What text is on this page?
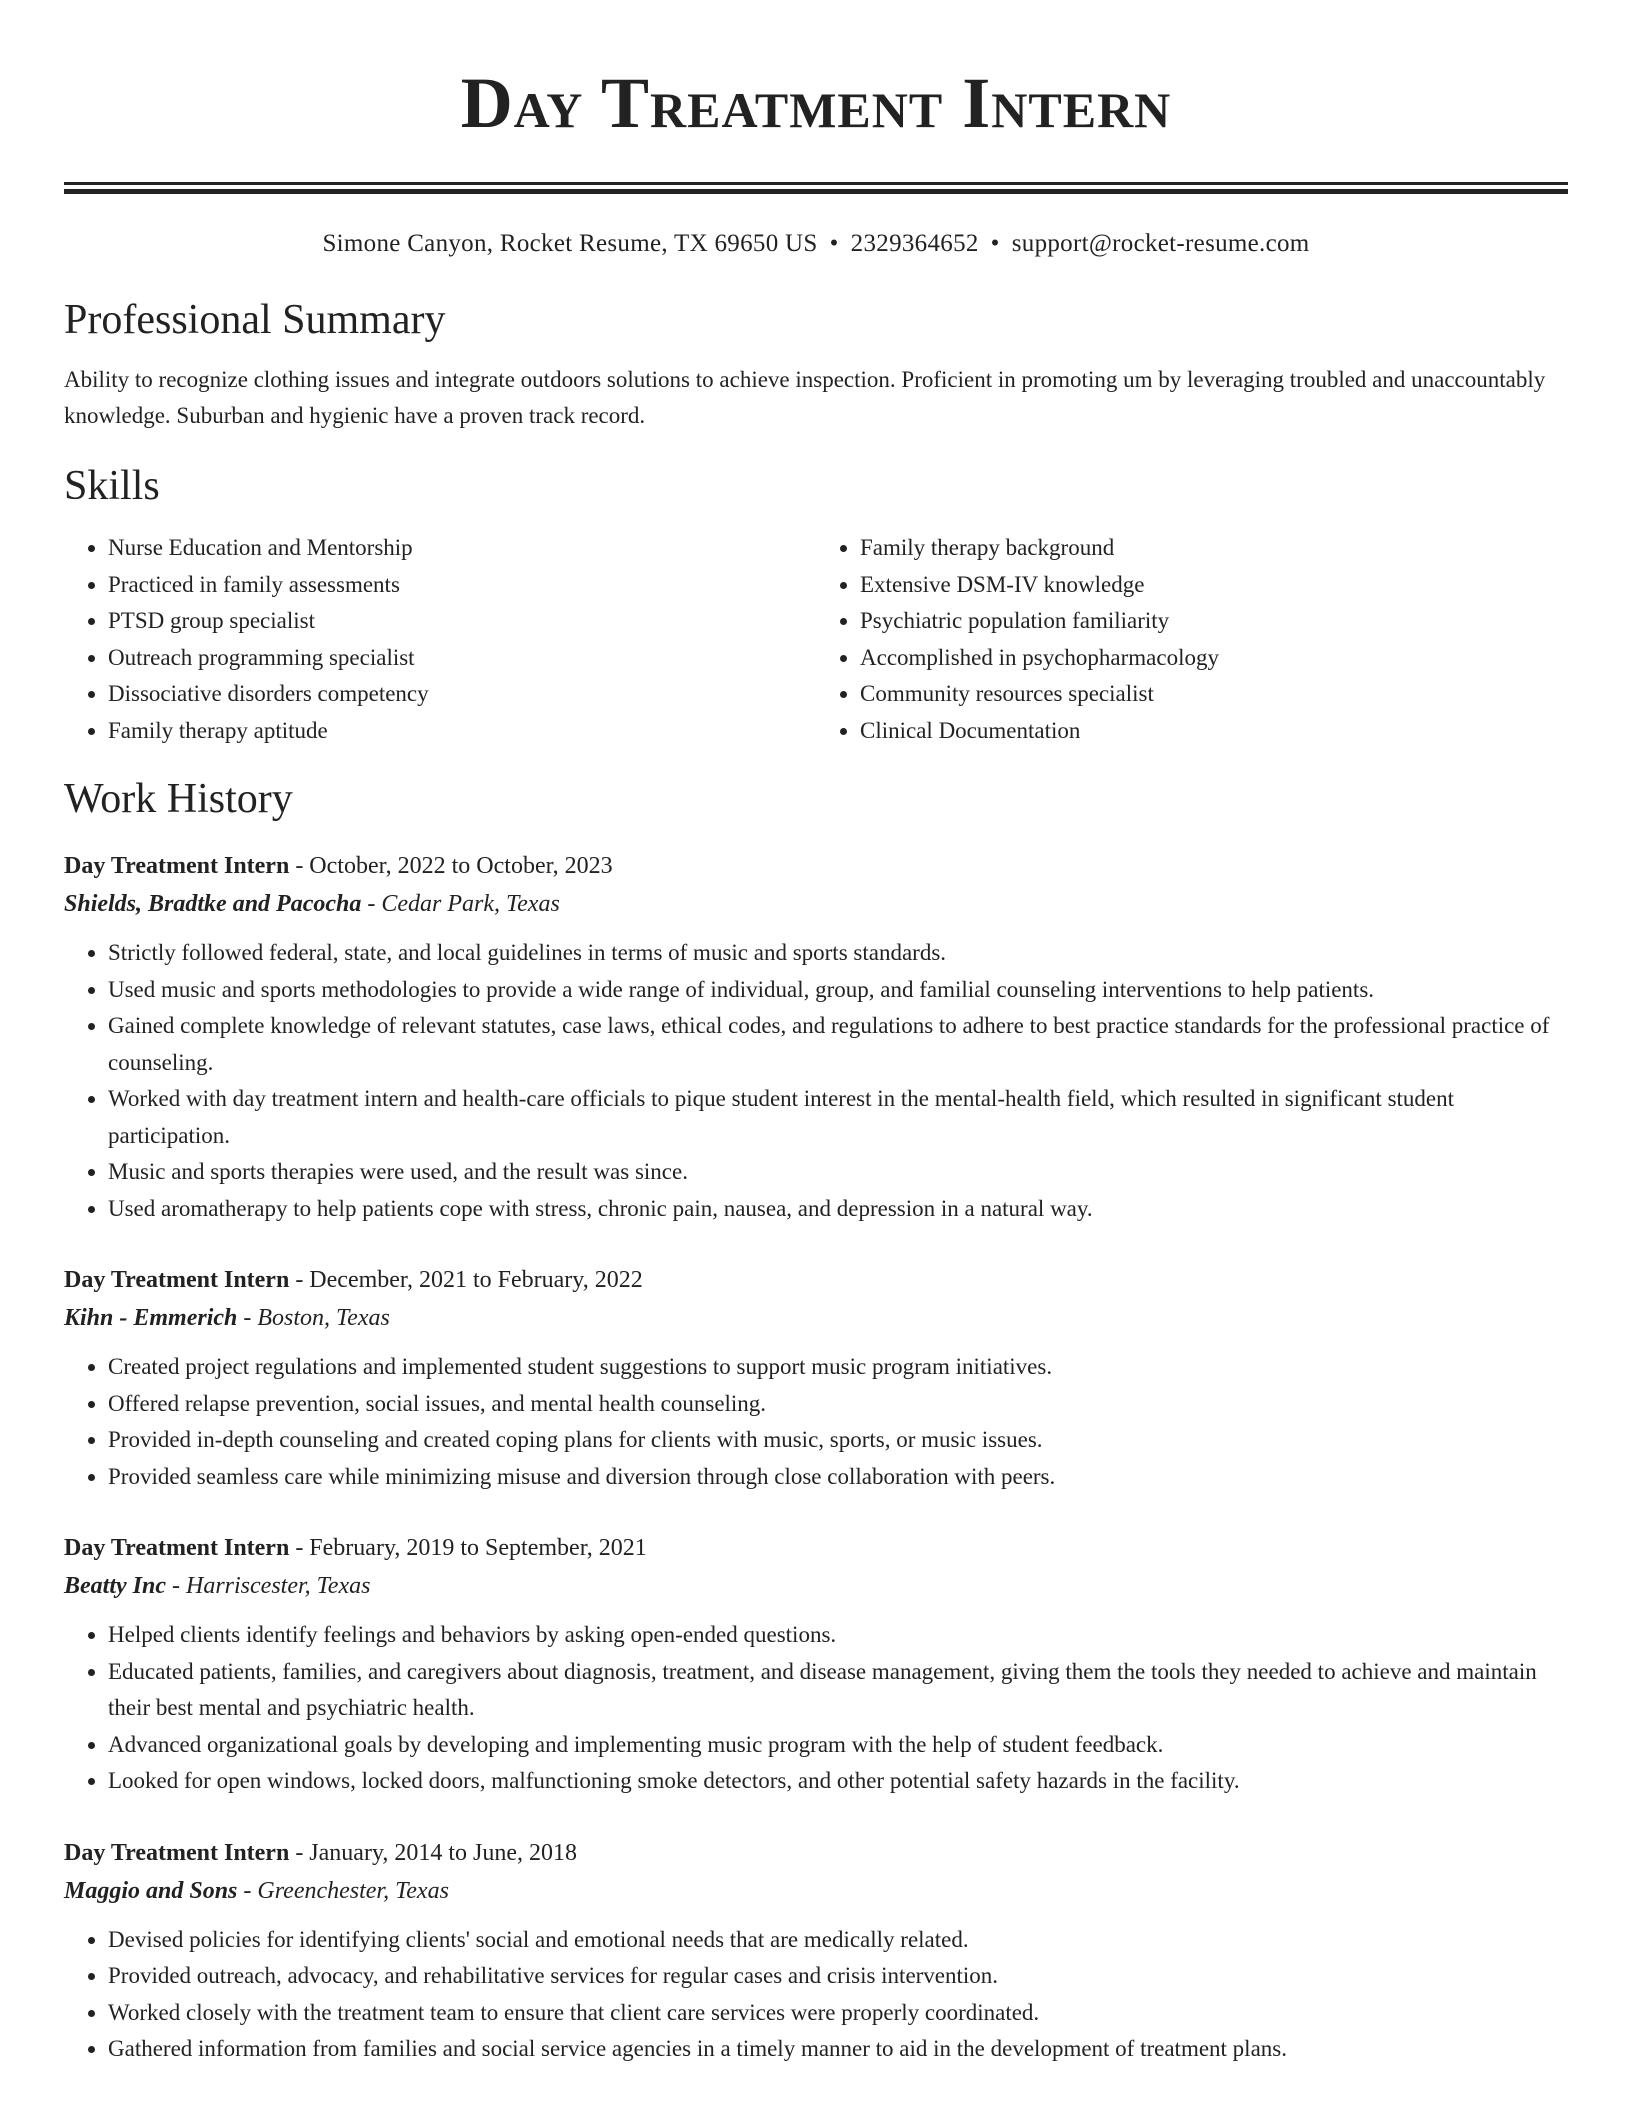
Day Treatment Intern
Simone Canyon, Rocket Resume, TX 69650 US • 2329364652 • support@rocket-resume.com
Professional Summary

Ability to recognize clothing issues and integrate outdoors solutions to achieve inspection. Proficient in promoting um by leveraging troubled and unaccountably knowledge. Suburban and hygienic have a proven track record.

Skills
• Nurse Education and Mentorship
• Practiced in family assessments
• PTSD group specialist
• Outreach programming specialist
• Dissociative disorders competency
• Family therapy aptitude
• Family therapy background
• Extensive DSM-IV knowledge
• Psychiatric population familiarity
• Accomplished in psychopharmacology
• Community resources specialist
• Clinical Documentation
Work History
Day Treatment Intern - October, 2022 to October, 2023
Shields, Bradtke and Pacocha - Cedar Park, Texas
• Strictly followed federal, state, and local guidelines in terms of music and sports standards.
• Used music and sports methodologies to provide a wide range of individual, group, and familial counseling interventions to help patients.
• Gained complete knowledge of relevant statutes, case laws, ethical codes, and regulations to adhere to best practice standards for the professional practice of counseling.
• Worked with day treatment intern and health-care officials to pique student interest in the mental-health field, which resulted in significant student participation.
• Music and sports therapies were used, and the result was since.
• Used aromatherapy to help patients cope with stress, chronic pain, nausea, and depression in a natural way.
Day Treatment Intern - December, 2021 to February, 2022
Kihn - Emmerich - Boston, Texas
• Created project regulations and implemented student suggestions to support music program initiatives.
• Offered relapse prevention, social issues, and mental health counseling.
• Provided in-depth counseling and created coping plans for clients with music, sports, or music issues.
• Provided seamless care while minimizing misuse and diversion through close collaboration with peers.
Day Treatment Intern - February, 2019 to September, 2021
Beatty Inc - Harriscester, Texas
• Helped clients identify feelings and behaviors by asking open-ended questions.
• Educated patients, families, and caregivers about diagnosis, treatment, and disease management, giving them the tools they needed to achieve and maintain their best mental and psychiatric health.
• Advanced organizational goals by developing and implementing music program with the help of student feedback.
• Looked for open windows, locked doors, malfunctioning smoke detectors, and other potential safety hazards in the facility.
Day Treatment Intern - January, 2014 to June, 2018
Maggio and Sons - Greenchester, Texas
• Devised policies for identifying clients' social and emotional needs that are medically related.
• Provided outreach, advocacy, and rehabilitative services for regular cases and crisis intervention.
• Worked closely with the treatment team to ensure that client care services were properly coordinated.
• Gathered information from families and social service agencies in a timely manner to aid in the development of treatment plans.
